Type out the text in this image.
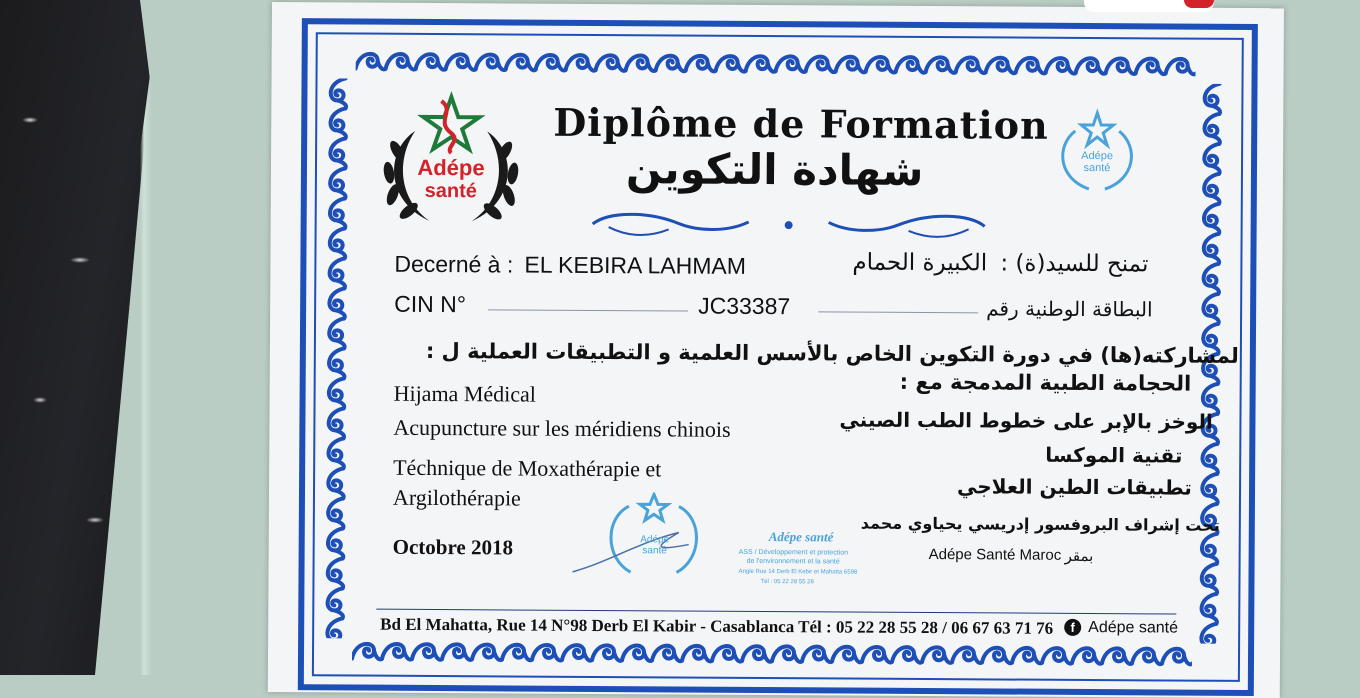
Adépe
santé
Adépe
santé
Diplôme de Formation
شهادة التكوين
Decerné à : EL KEBIRA LAHMAM	الكبيرة الحمام تمنح للسيد(ة) :
CIN N°	JC33387	البطاقة الوطنية رقم
لمشاركته(ها) في دورة التكوين الخاص بالأسس العلمية و التطبيقات العملية ل :
Hijama Médical
Acupuncture sur les méridiens chinois
Téchnique de Moxathérapie et
Argilothérapie
الحجامة الطبية المدمجة مع :
الوخز بالإبر على خطوط الطب الصيني
تقنية الموكسا
تطبيقات الطين العلاجي
تحت إشراف البروفسور إدريسي يحياوي محمد
Adépe Santé Maroc بمقر
Octobre 2018	Adépe
santé
Adépe santé
ASS / Développement et protection
de l'environnement et la santé
Angle Rue 14 Derb El Kebir et Mahatta 6598
Tél : 05 22 28 55 28
Bd El Mahatta, Rue 14 N°98 Derb El Kabir - Casablanca Tél : 05 22 28 55 28 / 06 67 63 71 76	f Adépe santé
